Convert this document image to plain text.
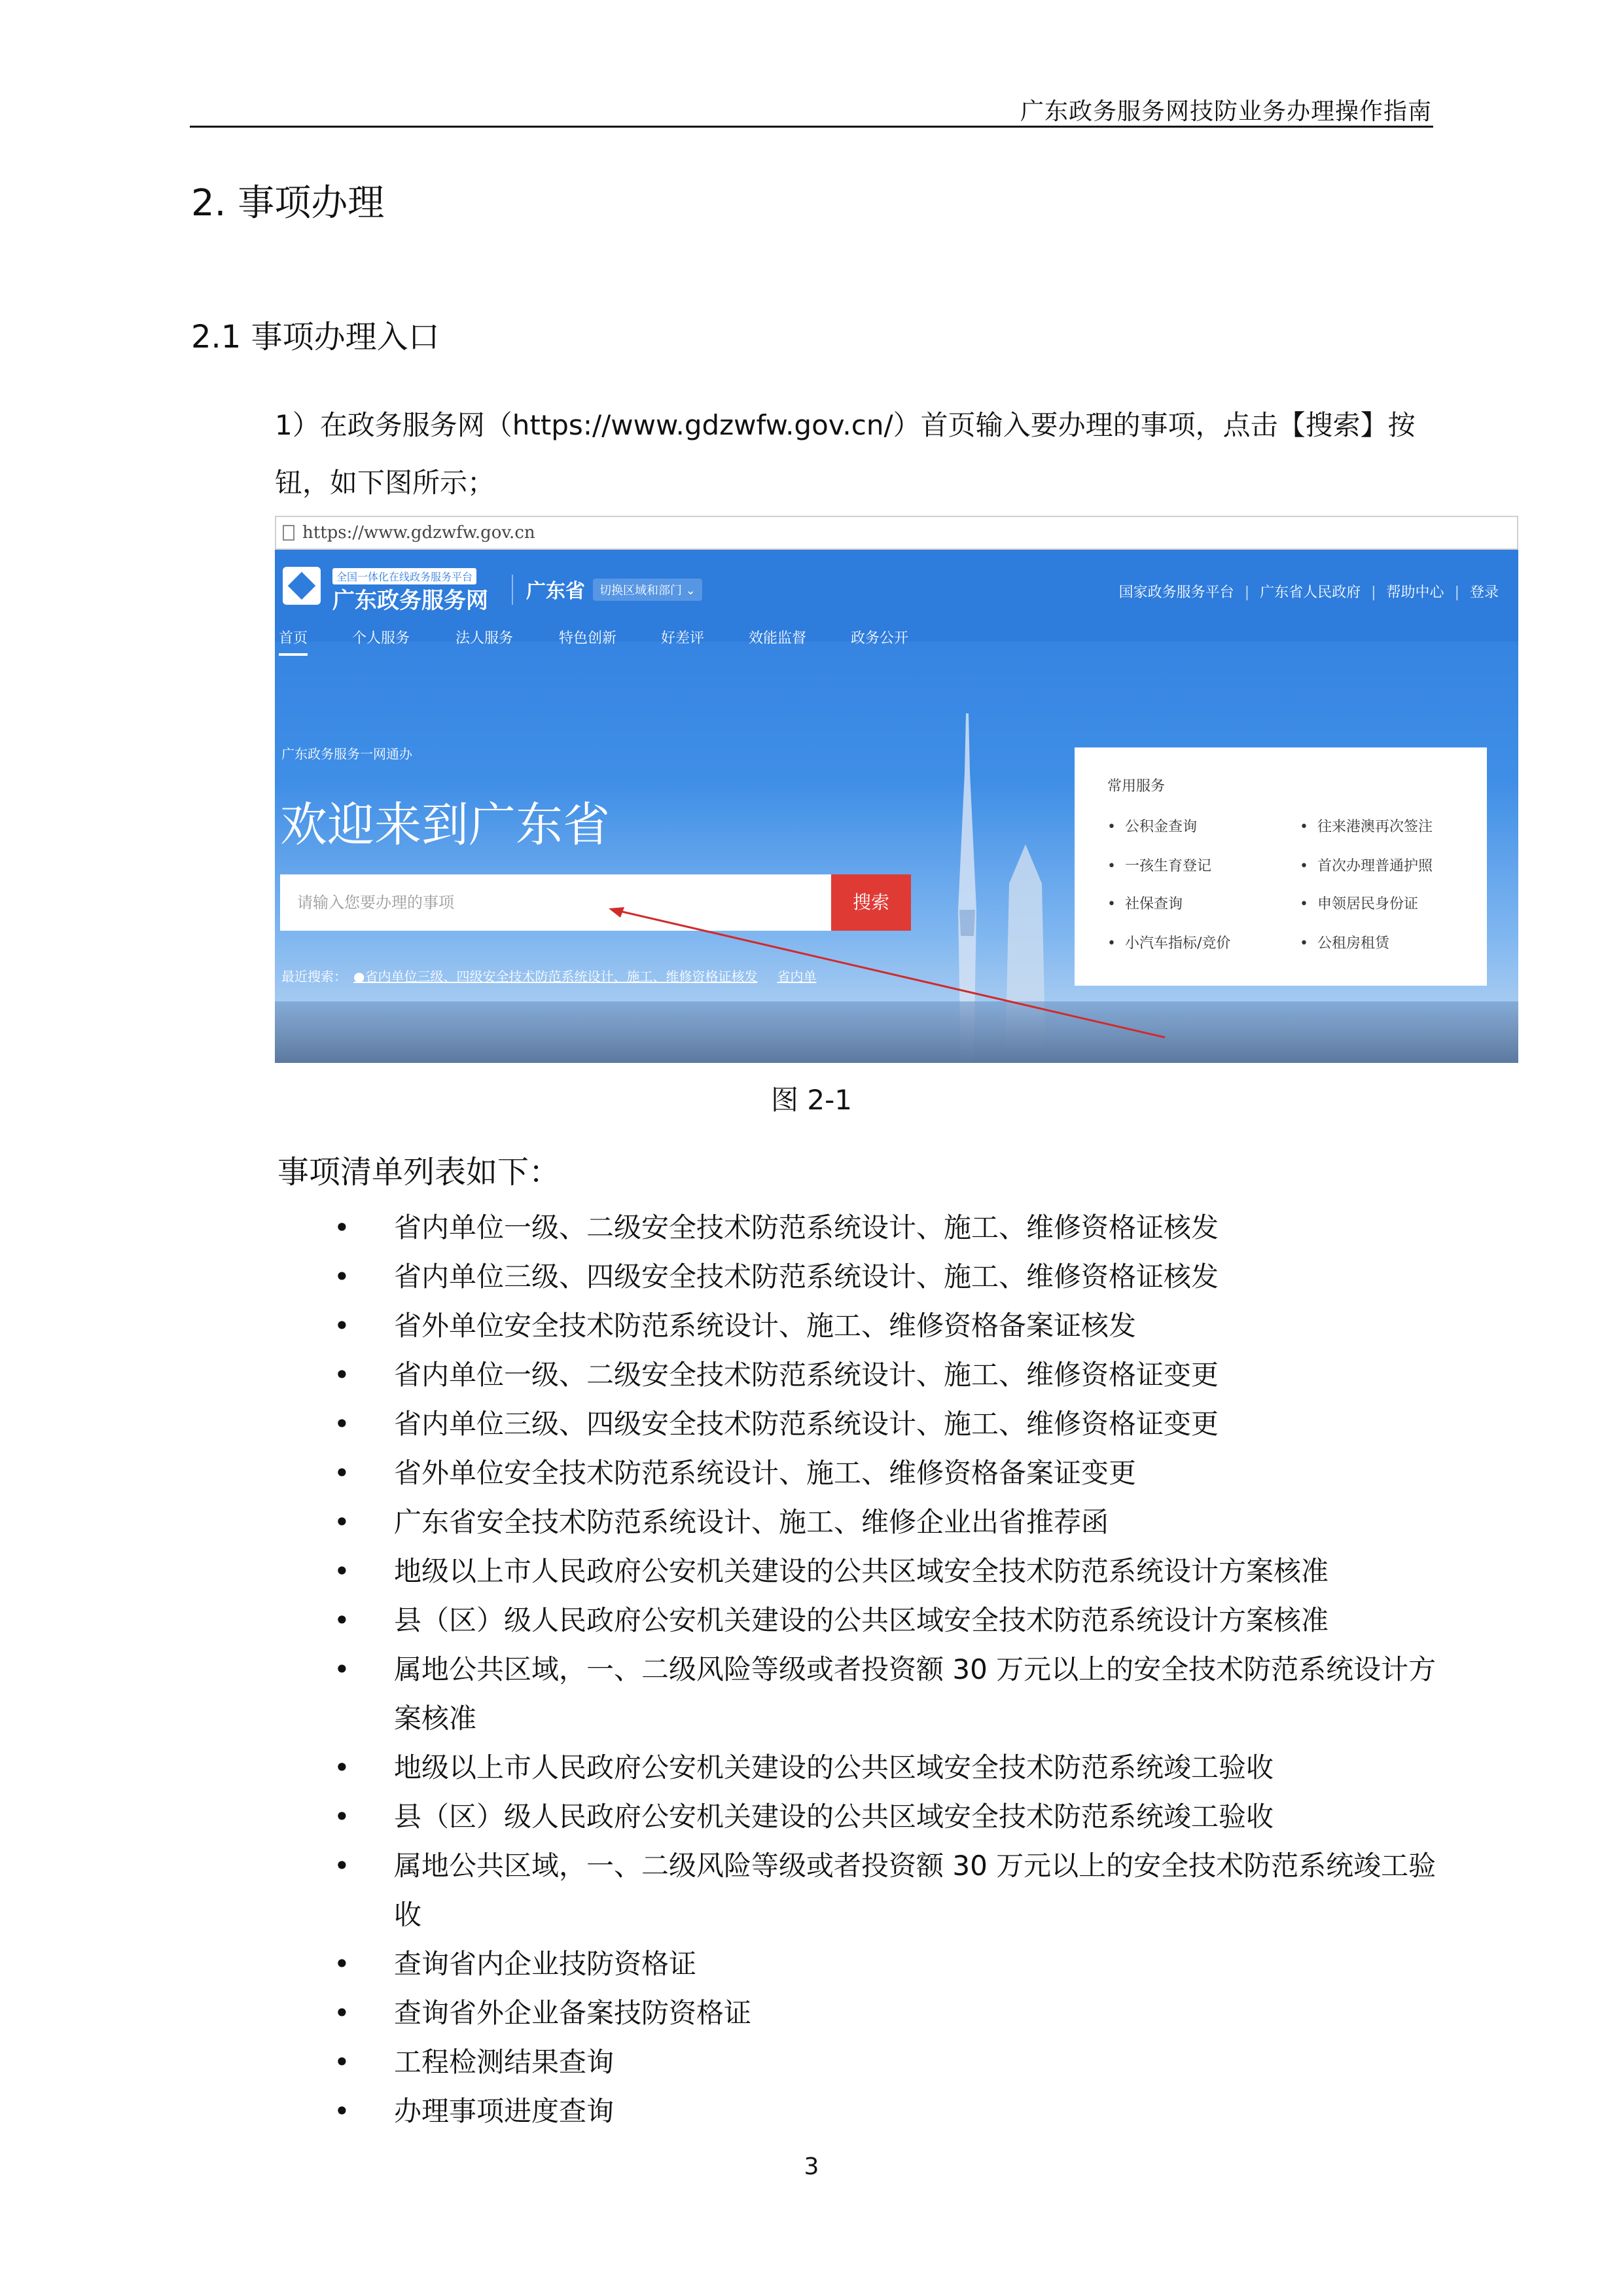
广东政务服务网技防业务办理操作指南
2. 事项办理
2.1 事项办理入口
1）在政务服务网（https://www.gdzwfw.gov.cn/）首页输入要办理的事项，点击【搜索】按
钮，如下图所示；
https://www.gdzwfw.gov.cn
全国一体化在线政务服务平台
广东政务服务网 广东省	切换区域和部门 ⌄	国家政务服务平台 | 广东省人民政府 | 帮助中心 | 登录
首页	个人服务	法人服务	特色创新	好差评	效能监督	政务公开
广东政务服务一网通办
欢迎来到广东省
请输入您要办理的事项	搜索
最近搜索： ●省内单位三级、四级安全技术防范系统设计、施工、维修资格证核发 省内单
常用服务
• 公积金查询	• 往来港澳再次签注
• 一孩生育登记	• 首次办理普通护照
• 社保查询	• 申领居民身份证
• 小汽车指标/竞价	• 公租房租赁
图 2-1
事项清单列表如下：
• 省内单位一级、二级安全技术防范系统设计、施工、维修资格证核发
• 省内单位三级、四级安全技术防范系统设计、施工、维修资格证核发
• 省外单位安全技术防范系统设计、施工、维修资格备案证核发
• 省内单位一级、二级安全技术防范系统设计、施工、维修资格证变更
• 省内单位三级、四级安全技术防范系统设计、施工、维修资格证变更
• 省外单位安全技术防范系统设计、施工、维修资格备案证变更
• 广东省安全技术防范系统设计、施工、维修企业出省推荐函
• 地级以上市人民政府公安机关建设的公共区域安全技术防范系统设计方案核准
• 县（区）级人民政府公安机关建设的公共区域安全技术防范系统设计方案核准
• 属地公共区域，一、二级风险等级或者投资额 30 万元以上的安全技术防范系统设计方案核准
• 地级以上市人民政府公安机关建设的公共区域安全技术防范系统竣工验收
• 县（区）级人民政府公安机关建设的公共区域安全技术防范系统竣工验收
• 属地公共区域，一、二级风险等级或者投资额 30 万元以上的安全技术防范系统竣工验收
• 查询省内企业技防资格证
• 查询省外企业备案技防资格证
• 工程检测结果查询
• 办理事项进度查询
3
